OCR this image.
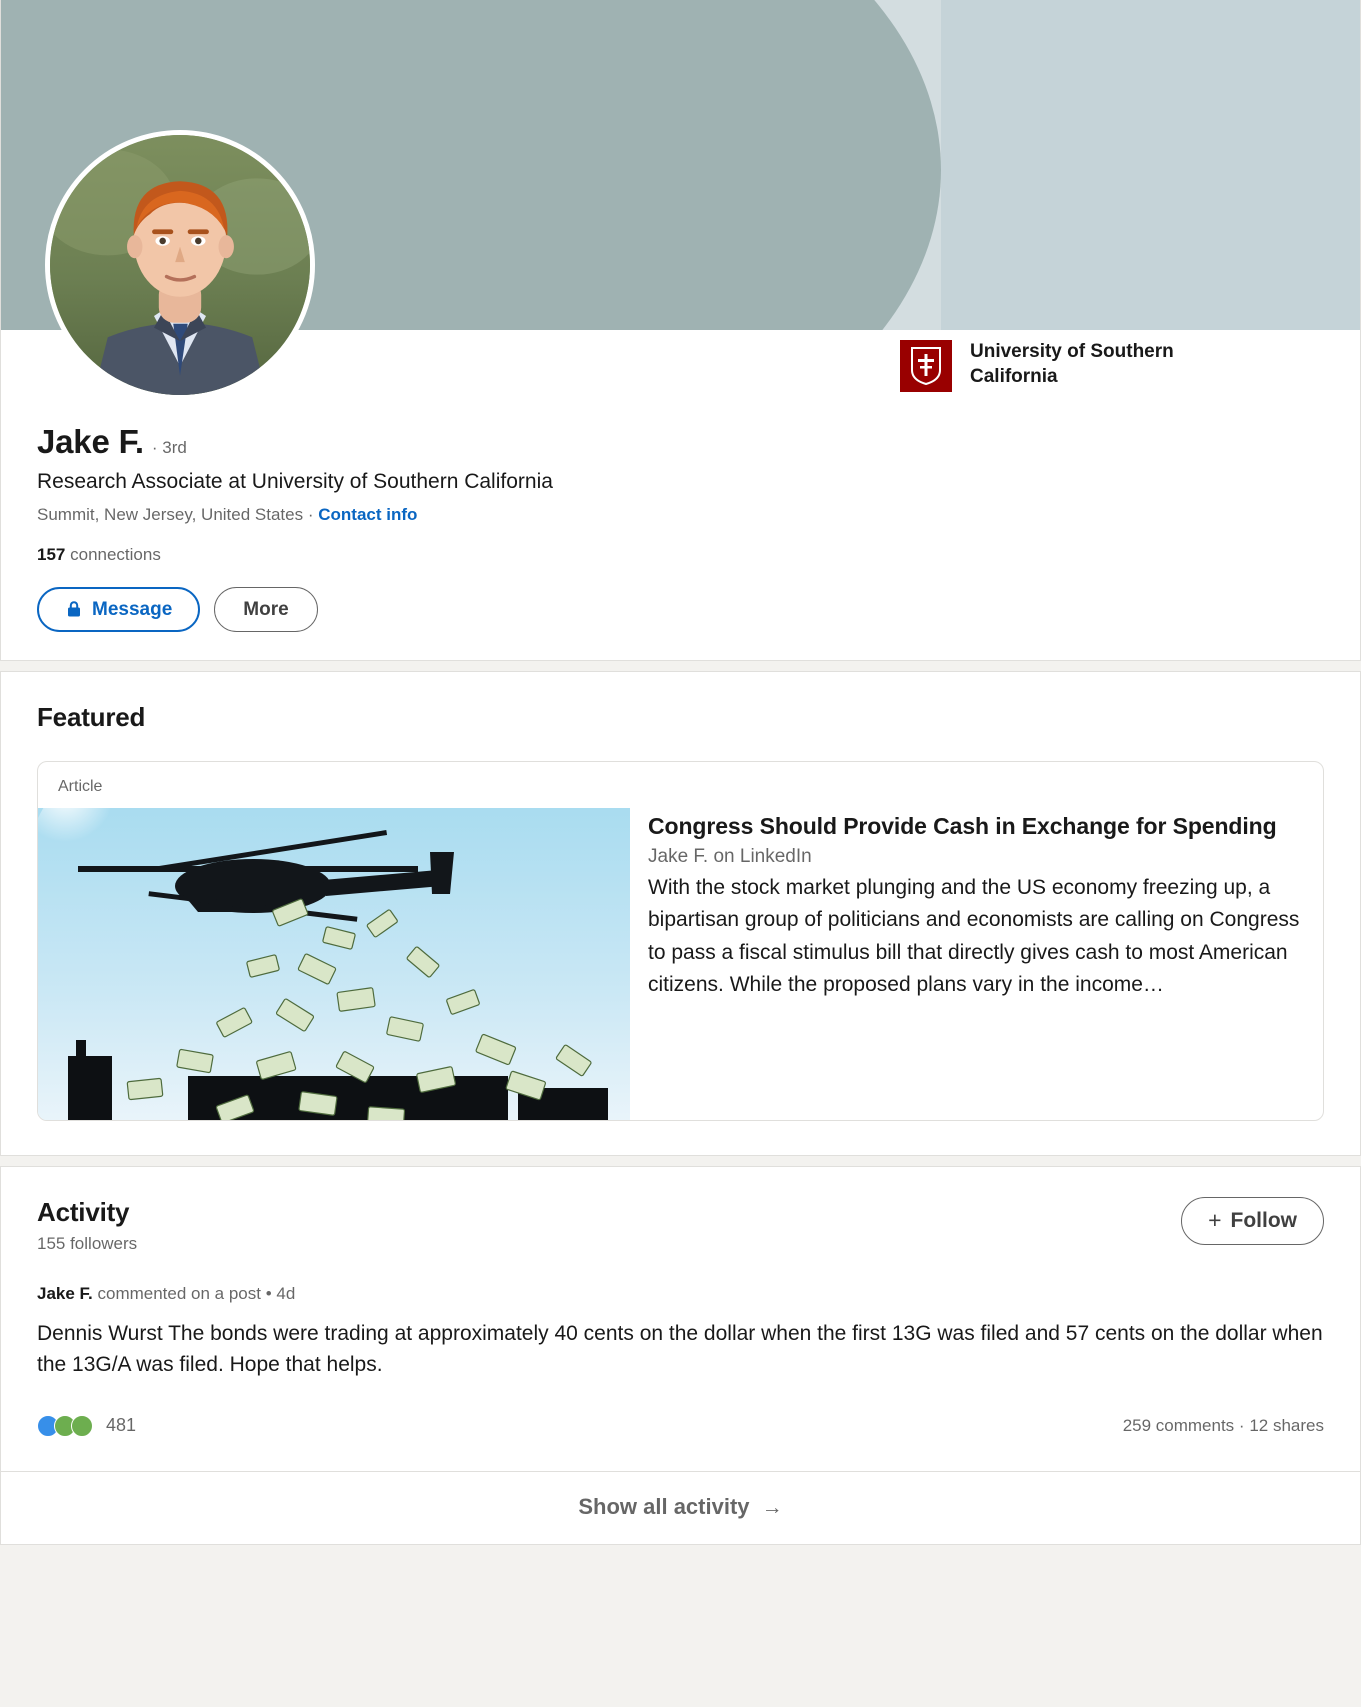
University of Southern California
Jake F. · 3rd
Research Associate at University of Southern California
Summit, New Jersey, United States · Contact info
157 connections
Message	More
Featured
Article
Congress Should Provide Cash in Exchange for Spending
Jake F. on LinkedIn
With the stock market plunging and the US economy freezing up, a bipartisan group of politicians and economists are calling on Congress to pass a fiscal stimulus bill that directly gives cash to most American citizens. While the proposed plans vary in the income…
Activity
155 followers
+ Follow
Jake F. commented on a post • 4d
Dennis Wurst The bonds were trading at approximately 40 cents on the dollar when the first 13G was filed and 57 cents on the dollar when the 13G/A was filed. Hope that helps.
481	259 comments · 12 shares
Show all activity →
